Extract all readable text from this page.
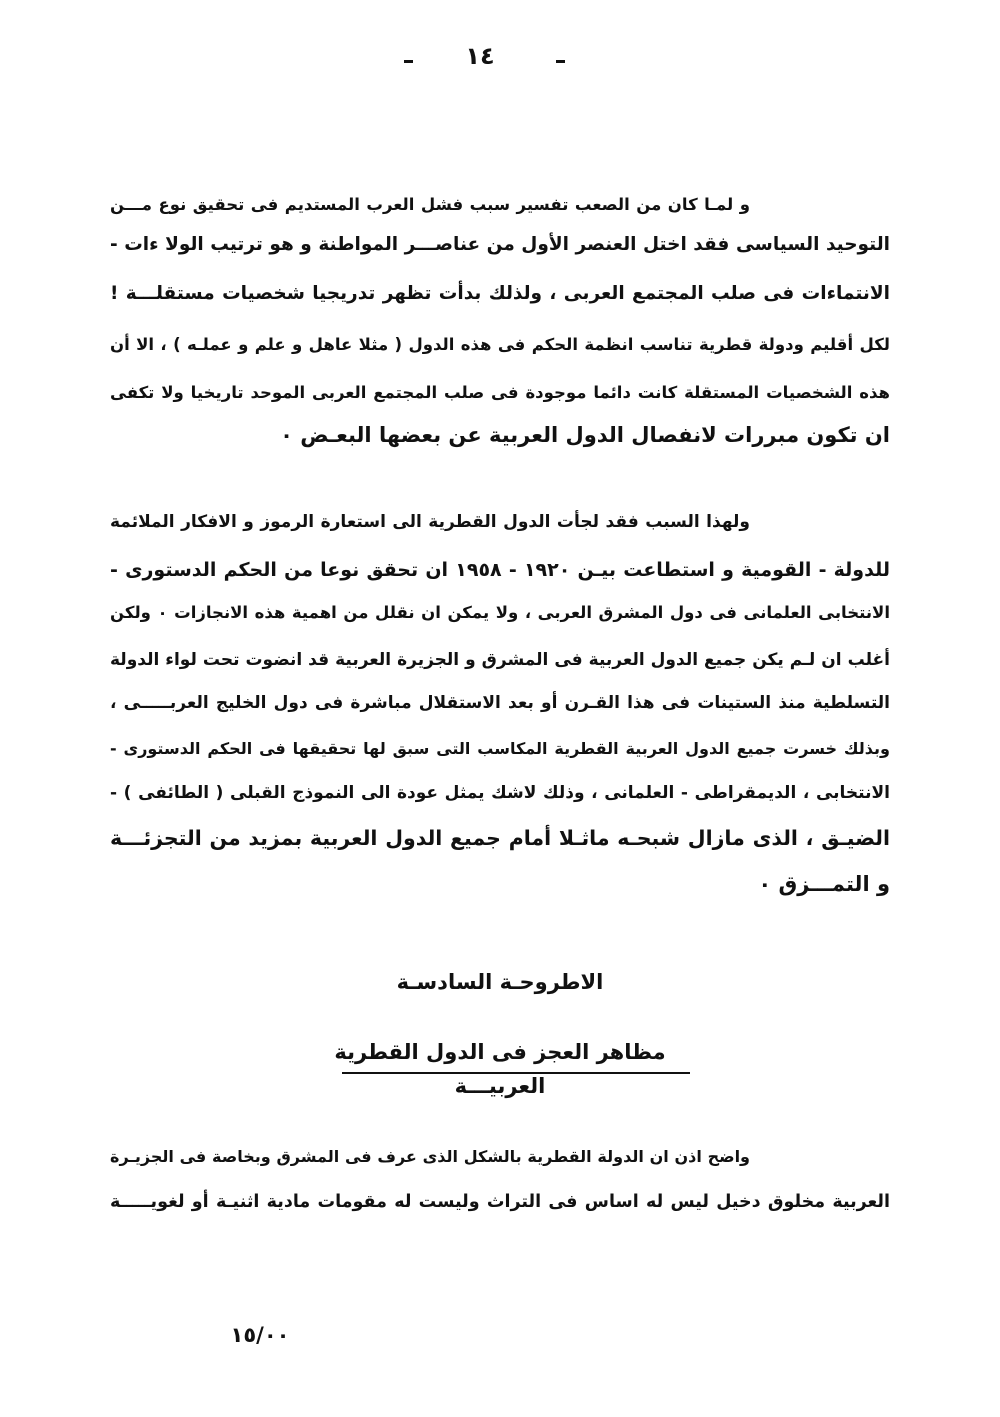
١٤
و لمـا كان من الصعب تفسير سبب فشل العرب المستديم فى تحقيق نوع مـــن
التوحيد السياسى فقد اختل العنصر الأول من عناصـــر المواطنة و هو ترتيب الولا ءات -
الانتماءات فى صلب المجتمع العربى ، ولذلك بدأت تظهر تدريجيا شخصيات مستقلـــة !
لكل أقليم ودولة قطرية تناسب انظمة الحكم فى هذه الدول ( مثلا عاهل و علم و عملـه ) ، الا أن
هذه الشخصيات المستقلة كانت دائما موجودة فى صلب المجتمع العربى الموحد تاريخيا ولا تكفى
ان تكون مبررات لانفصال الدول العربية عن بعضها البعـض ٠
ولهذا السبب فقد لجأت الدول القطرية الى استعارة الرموز و الافكار الملائمة
للدولة - القومية و استطاعت بيـن ١٩٢٠ - ١٩٥٨ ان تحقق نوعا من الحكم الدستورى -
الانتخابى العلمانى فى دول المشرق العربى ، ولا يمكن ان نقلل من اهمية هذه الانجازات ٠ ولكن
أغلب ان لـم يكن جميع الدول العربية فى المشرق و الجزيرة العربية قد انضوت تحت لواء الدولة
التسلطية منذ الستينات فى هذا القـرن أو بعد الاستقلال مباشرة فى دول الخليج العربـــــى ،
وبذلك خسرت جميع الدول العربية القطرية المكاسب التى سبق لها تحقيقها فى الحكم الدستورى -
الانتخابى ، الديمقراطى - العلمانى ، وذلك لاشك يمثل عودة الى النموذج القبلى ( الطائفى ) -
الضيـق ، الذى مازال شبحـه ماثـلا أمام جميع الدول العربية بمزيد من التجزئـــة
و التمـــزق ٠
الاطروحـة السادسـة
مظاهر العجز فى الدول القطرية العربيـــة
واضح اذن ان الدولة القطرية بالشكل الذى عرف فى المشرق وبخاصة فى الجزيـرة
العربية مخلوق دخيل ليس له اساس فى التراث وليست له مقومات مادية اثنيـة أو لغويـــــة
١٥/٠٠
